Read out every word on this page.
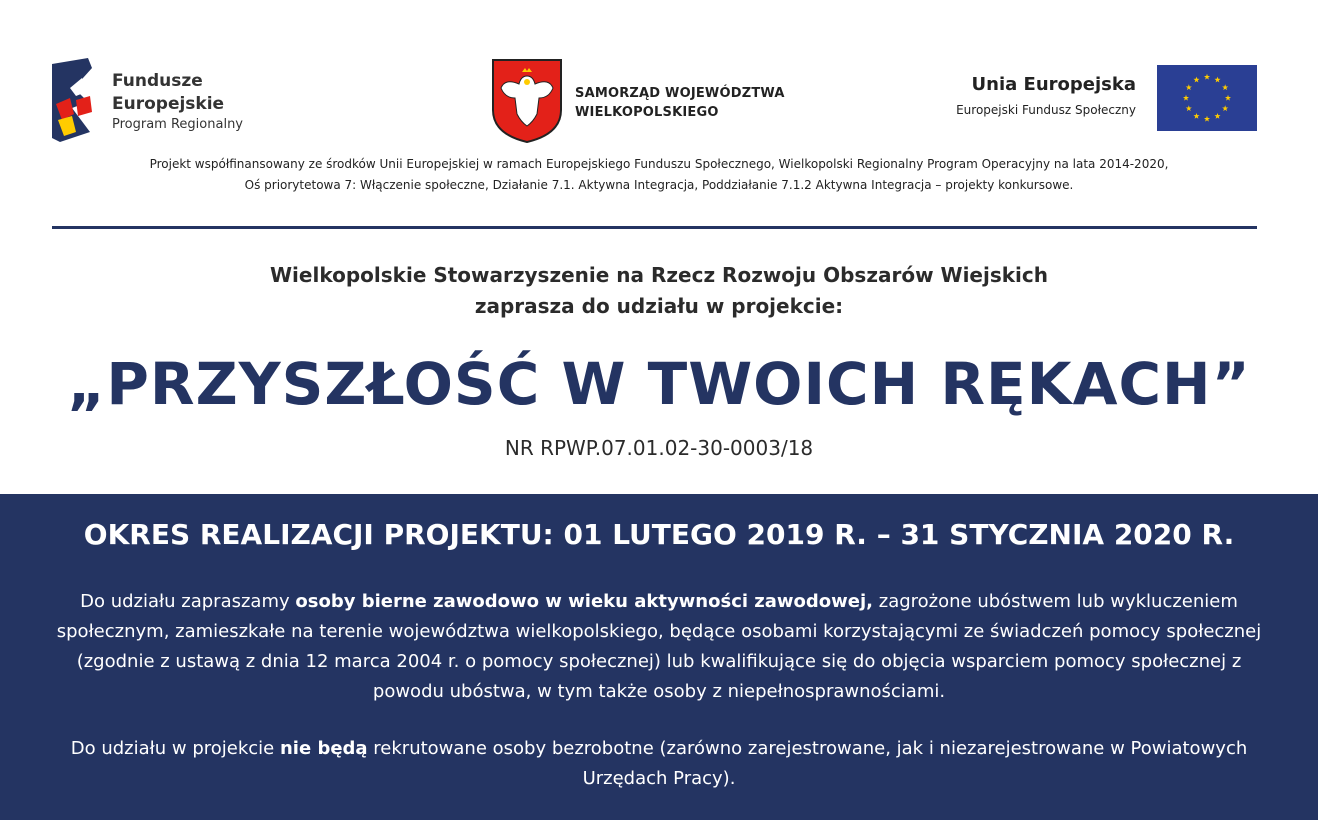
Fundusze
Europejskie
Program Regionalny
SAMORZĄD WOJEWÓDZTWA
WIELKOPOLSKIEGO
Unia Europejska
Europejski Fundusz Społeczny
Projekt współfinansowany ze środków Unii Europejskiej w ramach Europejskiego Funduszu Społecznego, Wielkopolski Regionalny Program Operacyjny na lata 2014-2020,
Oś priorytetowa 7: Włączenie społeczne, Działanie 7.1. Aktywna Integracja, Poddziałanie 7.1.2 Aktywna Integracja – projekty konkursowe.
Wielkopolskie Stowarzyszenie na Rzecz Rozwoju Obszarów Wiejskich
zaprasza do udziału w projekcie:
„PRZYSZŁOŚĆ W TWOICH RĘKACH”
NR RPWP.07.01.02-30-0003/18
OKRES REALIZACJI PROJEKTU: 01 LUTEGO 2019 R. – 31 STYCZNIA 2020 R.
Do udziału zapraszamy osoby bierne zawodowo w wieku aktywności zawodowej, zagrożone ubóstwem lub wykluczeniem społecznym, zamieszkałe na terenie województwa wielkopolskiego, będące osobami korzystającymi ze świadczeń pomocy społecznej (zgodnie z ustawą z dnia 12 marca 2004 r. o pomocy społecznej) lub kwalifikujące się do objęcia wsparciem pomocy społecznej z powodu ubóstwa, w tym także osoby z niepełnosprawnościami.
Do udziału w projekcie nie będą rekrutowane osoby bezrobotne (zarówno zarejestrowane, jak i niezarejestrowane w Powiatowych Urzędach Pracy).
